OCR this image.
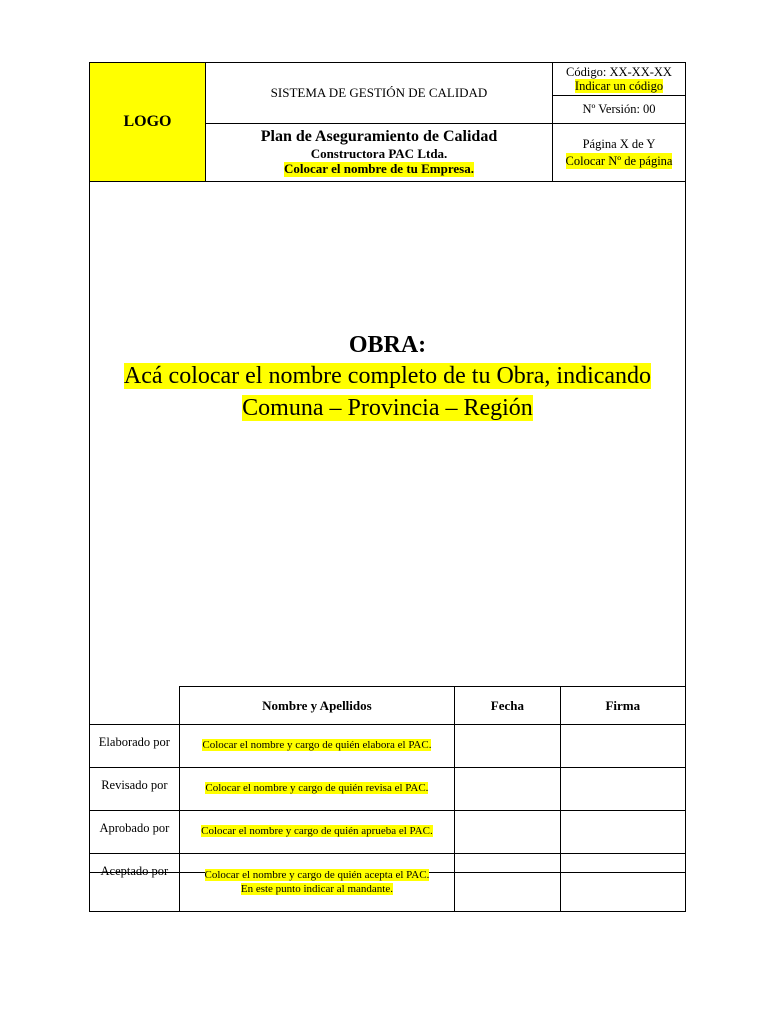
LOGO
SISTEMA DE GESTIÓN DE CALIDAD
Plan de Aseguramiento de Calidad
Constructora PAC Ltda.
Colocar el nombre de tu Empresa.
Código: XX-XX-XX
Indicar un código
Nº Versión: 00
Página X de Y
Colocar Nº de página
OBRA:
Acá colocar el nombre completo de tu Obra, indicando
Comuna – Provincia – Región
	Nombre y Apellidos	Fecha	Firma
Elaborado por	Colocar el nombre y cargo de quién elabora el PAC.		
Revisado por	Colocar el nombre y cargo de quién revisa el PAC.		
Aprobado por	Colocar el nombre y cargo de quién aprueba el PAC.		
Aceptado por	Colocar el nombre y cargo de quién acepta el PAC.
En este punto indicar al mandante.		
